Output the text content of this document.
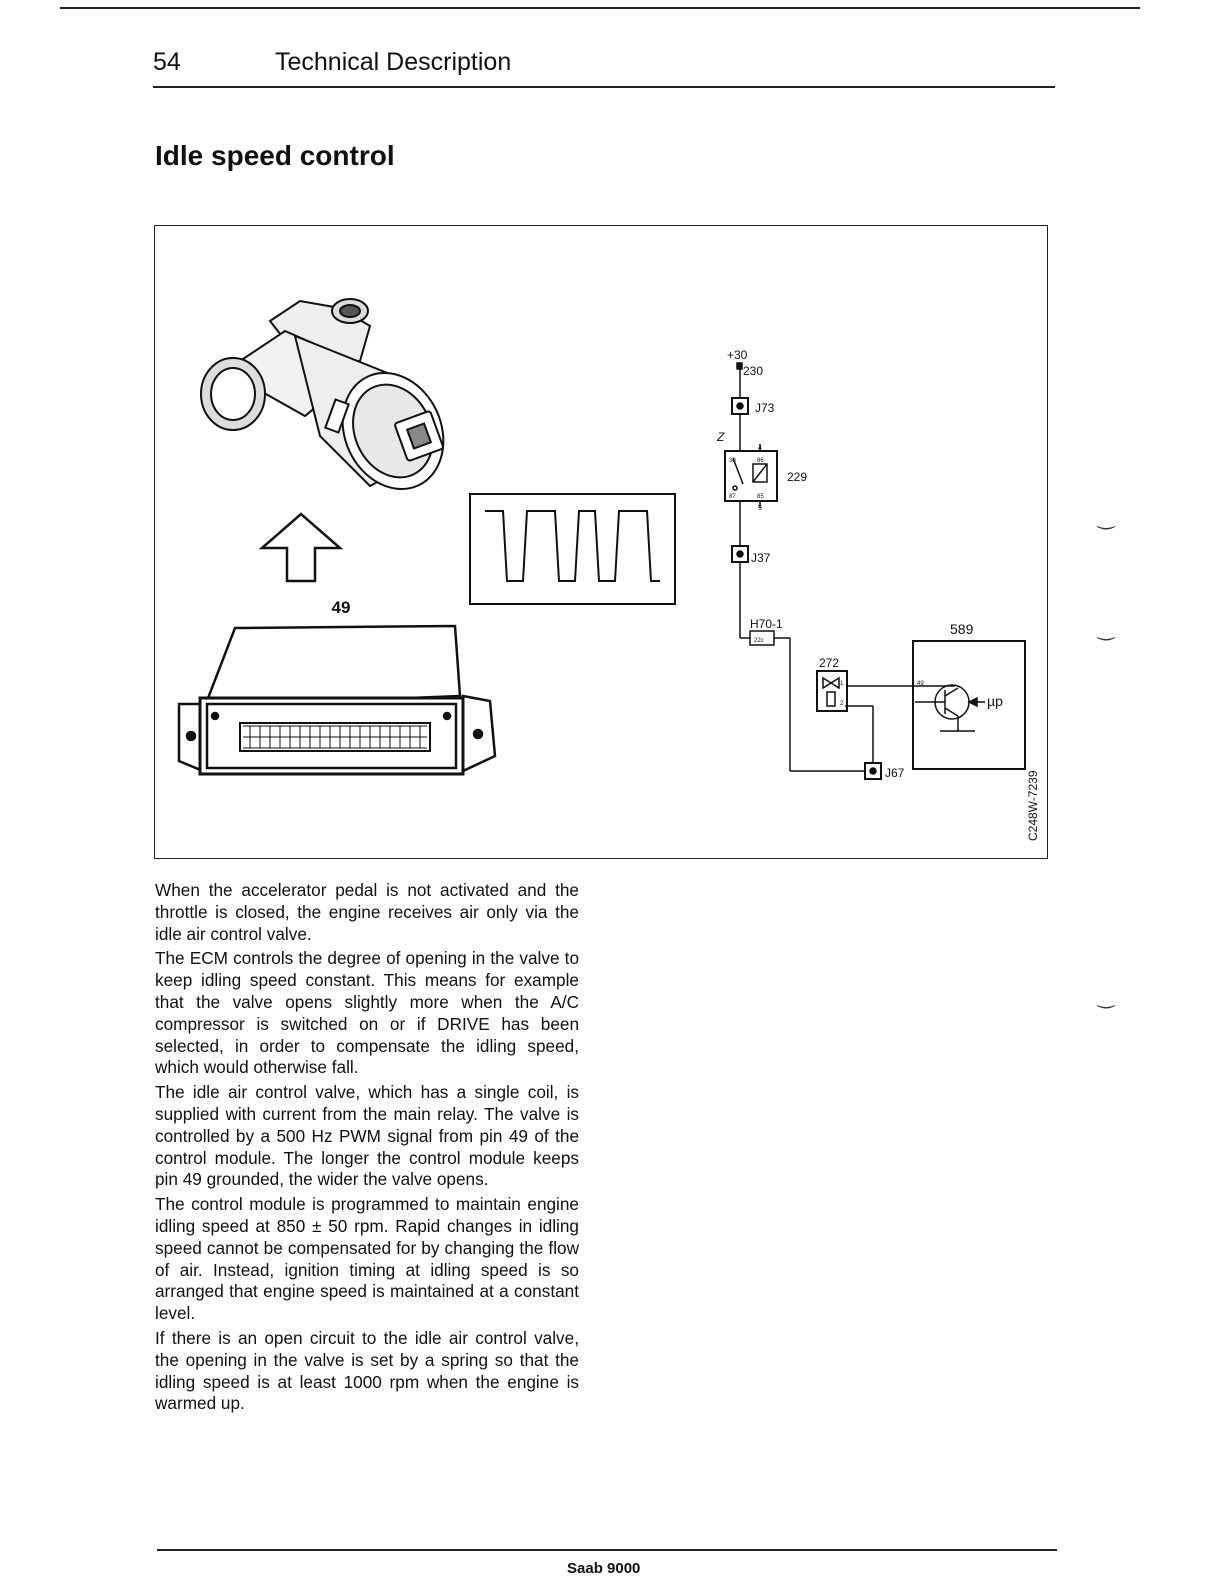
54	Technical Description
Idle speed control
49
+30
230
J73
Z
4
30	86
87	85
5
229
J37
H70-1
22c
272
1
2
J67
589
49
µp
C248W-7239

When the accelerator pedal is not activated and the throttle is closed, the engine receives air only via the idle air control valve.

The ECM controls the degree of opening in the valve to keep idling speed constant. This means for example that the valve opens slightly more when the A/C compressor is switched on or if DRIVE has been selected, in order to compensate the idling speed, which would otherwise fall.

The idle air control valve, which has a single coil, is supplied with current from the main relay. The valve is controlled by a 500 Hz PWM signal from pin 49 of the control module. The longer the control module keeps pin 49 grounded, the wider the valve opens.

The control module is programmed to maintain engine idling speed at 850 ± 50 rpm. Rapid changes in idling speed cannot be compensated for by changing the flow of air. Instead, ignition timing at idling speed is so arranged that engine speed is maintained at a constant level.

If there is an open circuit to the idle air control valve, the opening in the valve is set by a spring so that the idling speed is at least 1000 rpm when the engine is warmed up.

‿
‿
‿
Saab 9000
